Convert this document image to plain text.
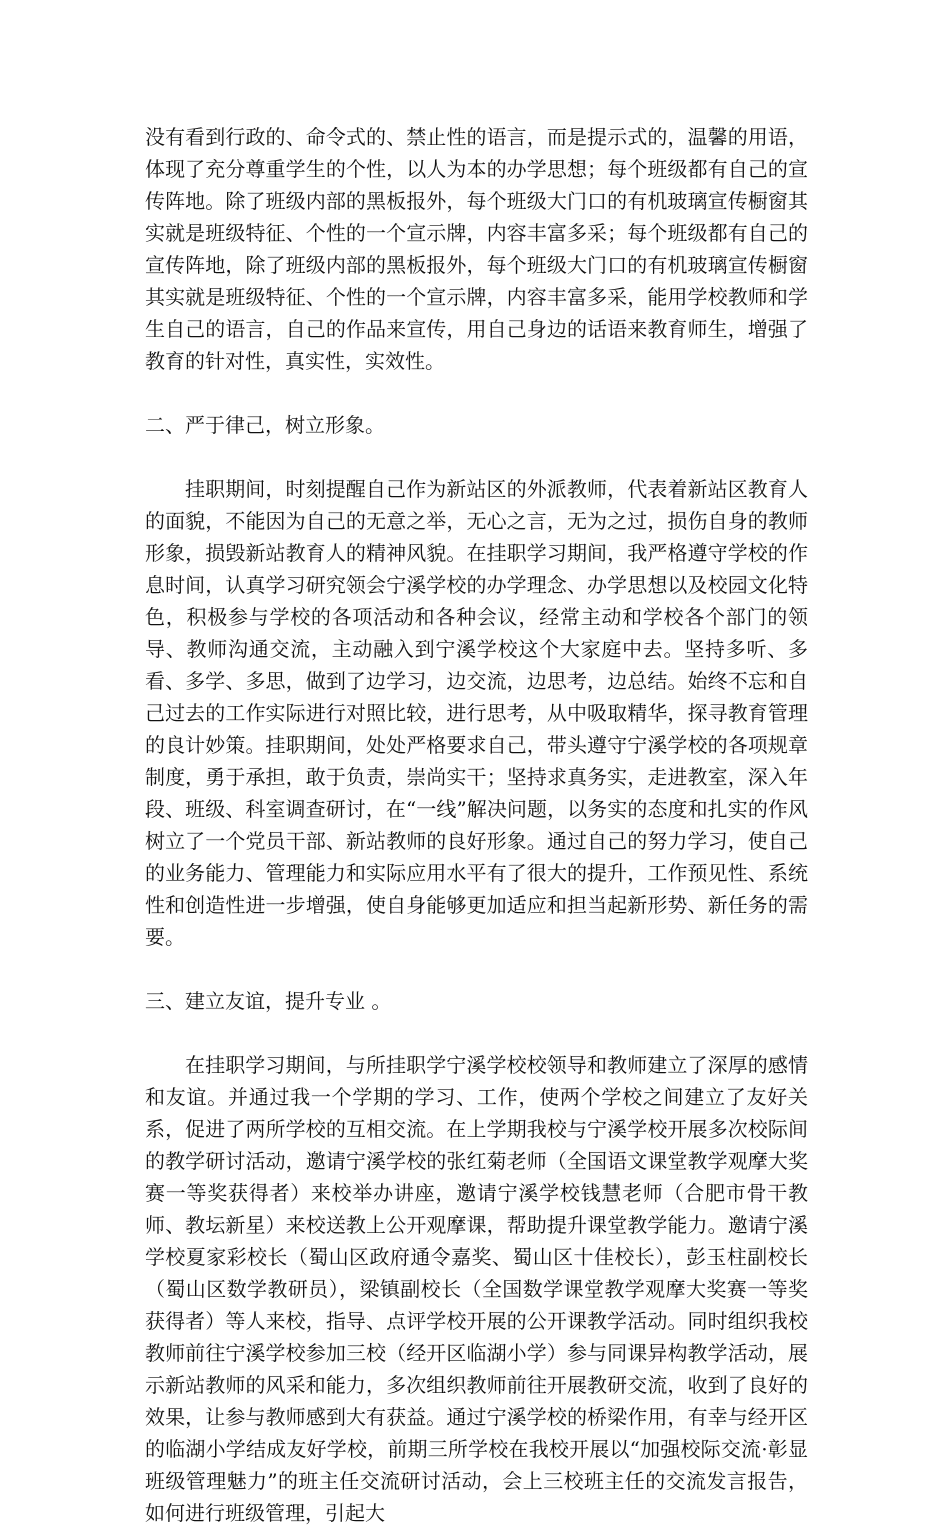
没有看到行政的、命令式的、禁止性的语言，而是提示式的，温馨的用语，体现了充分尊重学生的个性，以人为本的办学思想；每个班级都有自己的宣传阵地。除了班级内部的黑板报外，每个班级大门口的有机玻璃宣传橱窗其实就是班级特征、个性的一个宣示牌，内容丰富多采；每个班级都有自己的宣传阵地，除了班级内部的黑板报外，每个班级大门口的有机玻璃宣传橱窗其实就是班级特征、个性的一个宣示牌，内容丰富多采，能用学校教师和学生自己的语言，自己的作品来宣传，用自己身边的话语来教育师生，增强了教育的针对性，真实性，实效性。

二、严于律己，树立形象。

挂职期间，时刻提醒自己作为新站区的外派教师，代表着新站区教育人的面貌，不能因为自己的无意之举，无心之言，无为之过，损伤自身的教师形象，损毁新站教育人的精神风貌。在挂职学习期间，我严格遵守学校的作息时间，认真学习研究领会宁溪学校的办学理念、办学思想以及校园文化特色，积极参与学校的各项活动和各种会议，经常主动和学校各个部门的领导、教师沟通交流，主动融入到宁溪学校这个大家庭中去。坚持多听、多看、多学、多思，做到了边学习，边交流，边思考，边总结。始终不忘和自己过去的工作实际进行对照比较，进行思考，从中吸取精华，探寻教育管理的良计妙策。挂职期间，处处严格要求自己，带头遵守宁溪学校的各项规章制度，勇于承担，敢于负责，崇尚实干；坚持求真务实，走进教室，深入年段、班级、科室调查研讨，在“一线”解决问题，以务实的态度和扎实的作风树立了一个党员干部、新站教师的良好形象。通过自己的努力学习，使自己的业务能力、管理能力和实际应用水平有了很大的提升，工作预见性、系统性和创造性进一步增强，使自身能够更加适应和担当起新形势、新任务的需要。

三、建立友谊，提升专业 。

在挂职学习期间，与所挂职学宁溪学校校领导和教师建立了深厚的感情和友谊。并通过我一个学期的学习、工作，使两个学校之间建立了友好关系，促进了两所学校的互相交流。在上学期我校与宁溪学校开展多次校际间的教学研讨活动，邀请宁溪学校的张红菊老师（全国语文课堂教学观摩大奖赛一等奖获得者）来校举办讲座，邀请宁溪学校钱慧老师（合肥市骨干教师、教坛新星）来校送教上公开观摩课，帮助提升课堂教学能力。邀请宁溪学校夏家彩校长（蜀山区政府通令嘉奖、蜀山区十佳校长），彭玉柱副校长（蜀山区数学教研员），梁镇副校长（全国数学课堂教学观摩大奖赛一等奖获得者）等人来校，指导、点评学校开展的公开课教学活动。同时组织我校教师前往宁溪学校参加三校（经开区临湖小学）参与同课异构教学活动，展示新站教师的风采和能力，多次组织教师前往开展教研交流，收到了良好的效果，让参与教师感到大有获益。通过宁溪学校的桥梁作用，有幸与经开区的临湖小学结成友好学校，前期三所学校在我校开展以“加强校际交流·彰显班级管理魅力”的班主任交流研讨活动，会上三校班主任的交流发言报告，如何进行班级管理，引起大
